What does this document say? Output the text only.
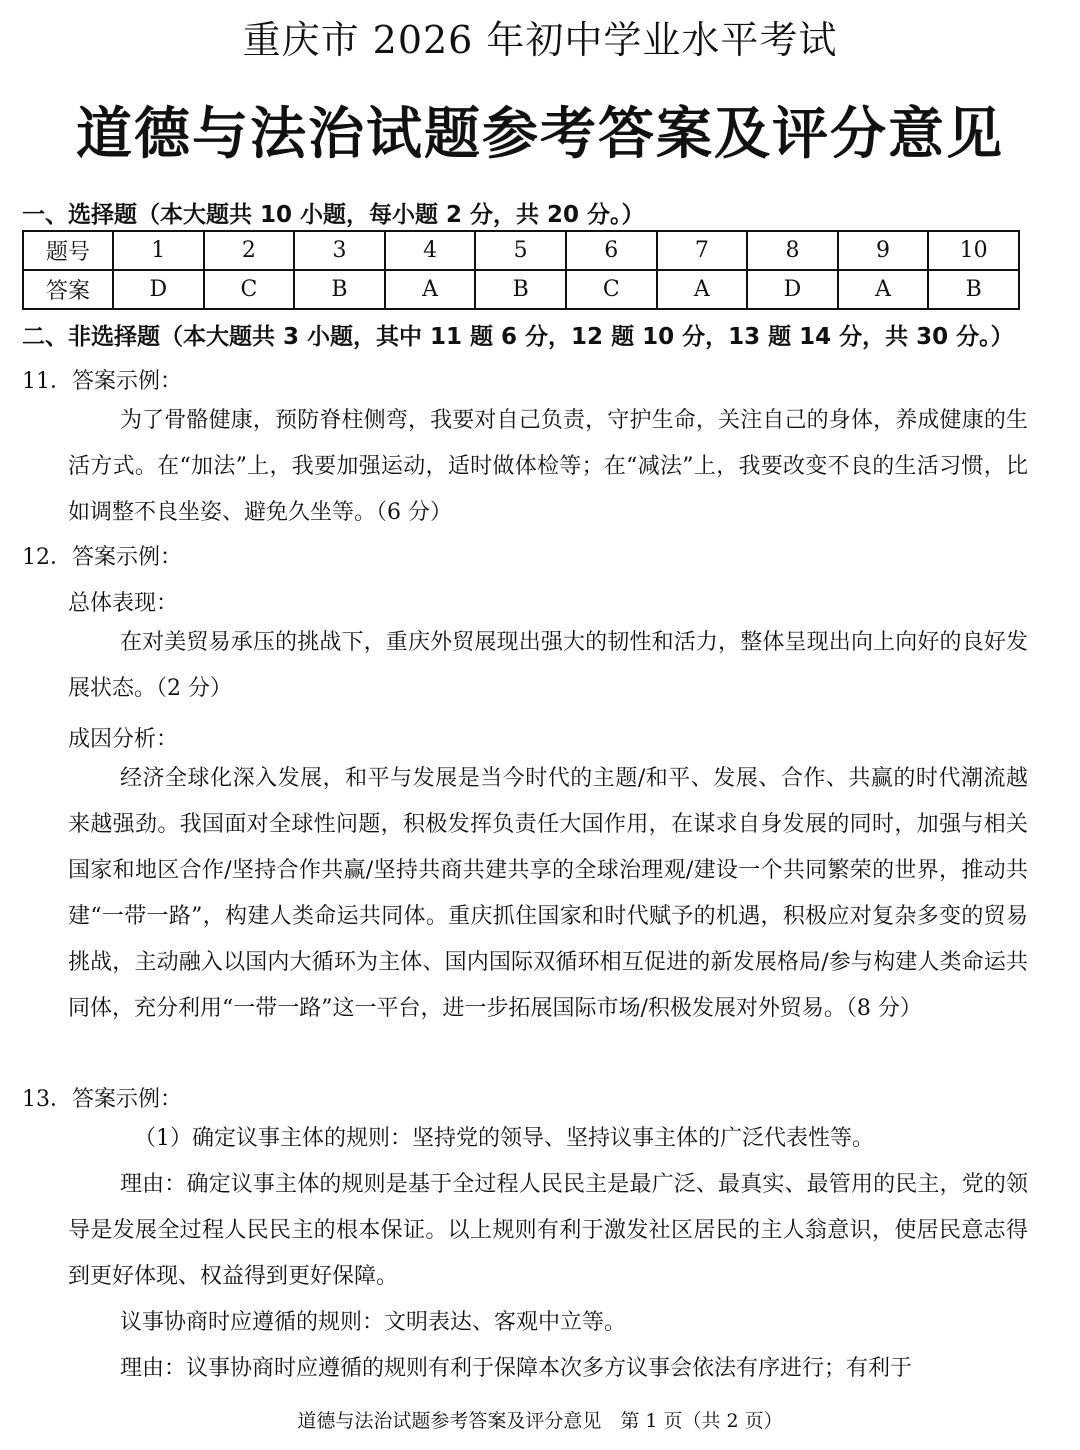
重庆市 2026 年初中学业水平考试
道德与法治试题参考答案及评分意见
一、选择题（本大题共 10 小题，每小题 2 分，共 20 分。）
题号	1	2	3	4	5	6	7	8	9	10
答案	D	C	B	A	B	C	A	D	A	B
二、非选择题（本大题共 3 小题，其中 11 题 6 分，12 题 10 分，13 题 14 分，共 30 分。）
11．答案示例：

为了骨骼健康，预防脊柱侧弯，我要对自己负责，守护生命，关注自己的身体，养成健康的生活方式。在“加法”上，我要加强运动，适时做体检等；在“减法”上，我要改变不良的生活习惯，比如调整不良坐姿、避免久坐等。（6 分）

12．答案示例：
总体表现：

在对美贸易承压的挑战下，重庆外贸展现出强大的韧性和活力，整体呈现出向上向好的良好发展状态。（2 分）

成因分析：

经济全球化深入发展，和平与发展是当今时代的主题/和平、发展、合作、共赢的时代潮流越来越强劲。我国面对全球性问题，积极发挥负责任大国作用，在谋求自身发展的同时，加强与相关国家和地区合作/坚持合作共赢/坚持共商共建共享的全球治理观/建设一个共同繁荣的世界，推动共建“一带一路”，构建人类命运共同体。重庆抓住国家和时代赋予的机遇，积极应对复杂多变的贸易挑战，主动融入以国内大循环为主体、国内国际双循环相互促进的新发展格局/参与构建人类命运共同体，充分利用“一带一路”这一平台，进一步拓展国际市场/积极发展对外贸易。（8 分）

13．答案示例：

（1）确定议事主体的规则：坚持党的领导、坚持议事主体的广泛代表性等。

理由：确定议事主体的规则是基于全过程人民民主是最广泛、最真实、最管用的民主，党的领导是发展全过程人民民主的根本保证。以上规则有利于激发社区居民的主人翁意识，使居民意志得到更好体现、权益得到更好保障。

议事协商时应遵循的规则：文明表达、客观中立等。

理由：议事协商时应遵循的规则有利于保障本次多方议事会依法有序进行；有利于

道德与法治试题参考答案及评分意见　第 1 页（共 2 页）
